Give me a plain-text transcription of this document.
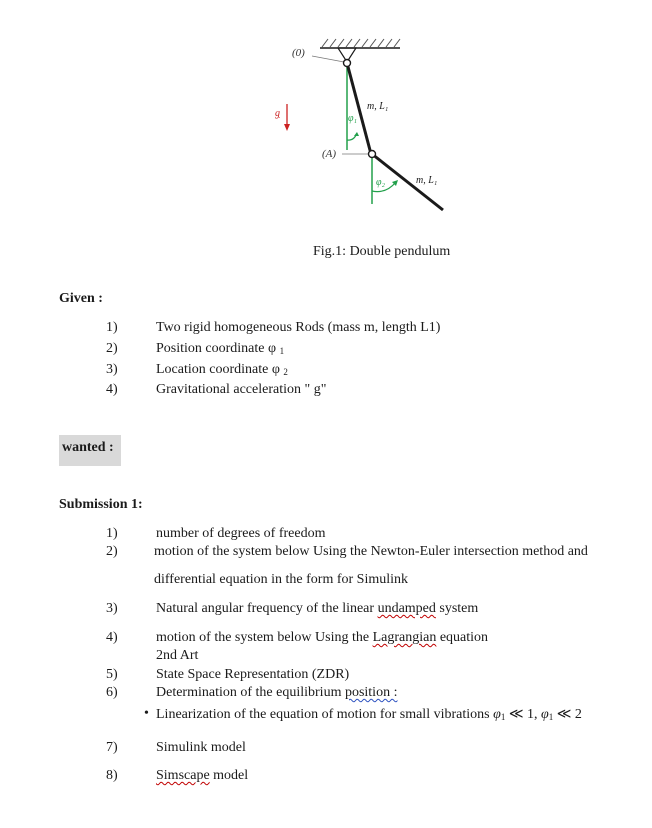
(0)
φ₁
m, L₁
(A)
φ₂	m, L₁
g
Fig.1: Double pendulum
Given :
1)	Two rigid homogeneous Rods (mass m, length L1)
2)	Position coordinate φ $_1$
3)	Location coordinate φ $_2$
4)	Gravitational acceleration " g"
wanted :
Submission 1:
1)	number of degrees of freedom
2)	motion of the system below Using the Newton-Euler intersection method and
differential equation in the form for Simulink
3)	Natural angular frequency of the linear undamped system
4)	motion of the system below Using the Lagrangian equation
2nd Art
5)	State Space Representation (ZDR)
6)	Determination of the equilibrium position :
• Linearization of the equation of motion for small vibrations $\varphi_1$ ≪ 1, $\varphi_1$ ≪ 2
7)	Simulink model
8)	Simscape model
